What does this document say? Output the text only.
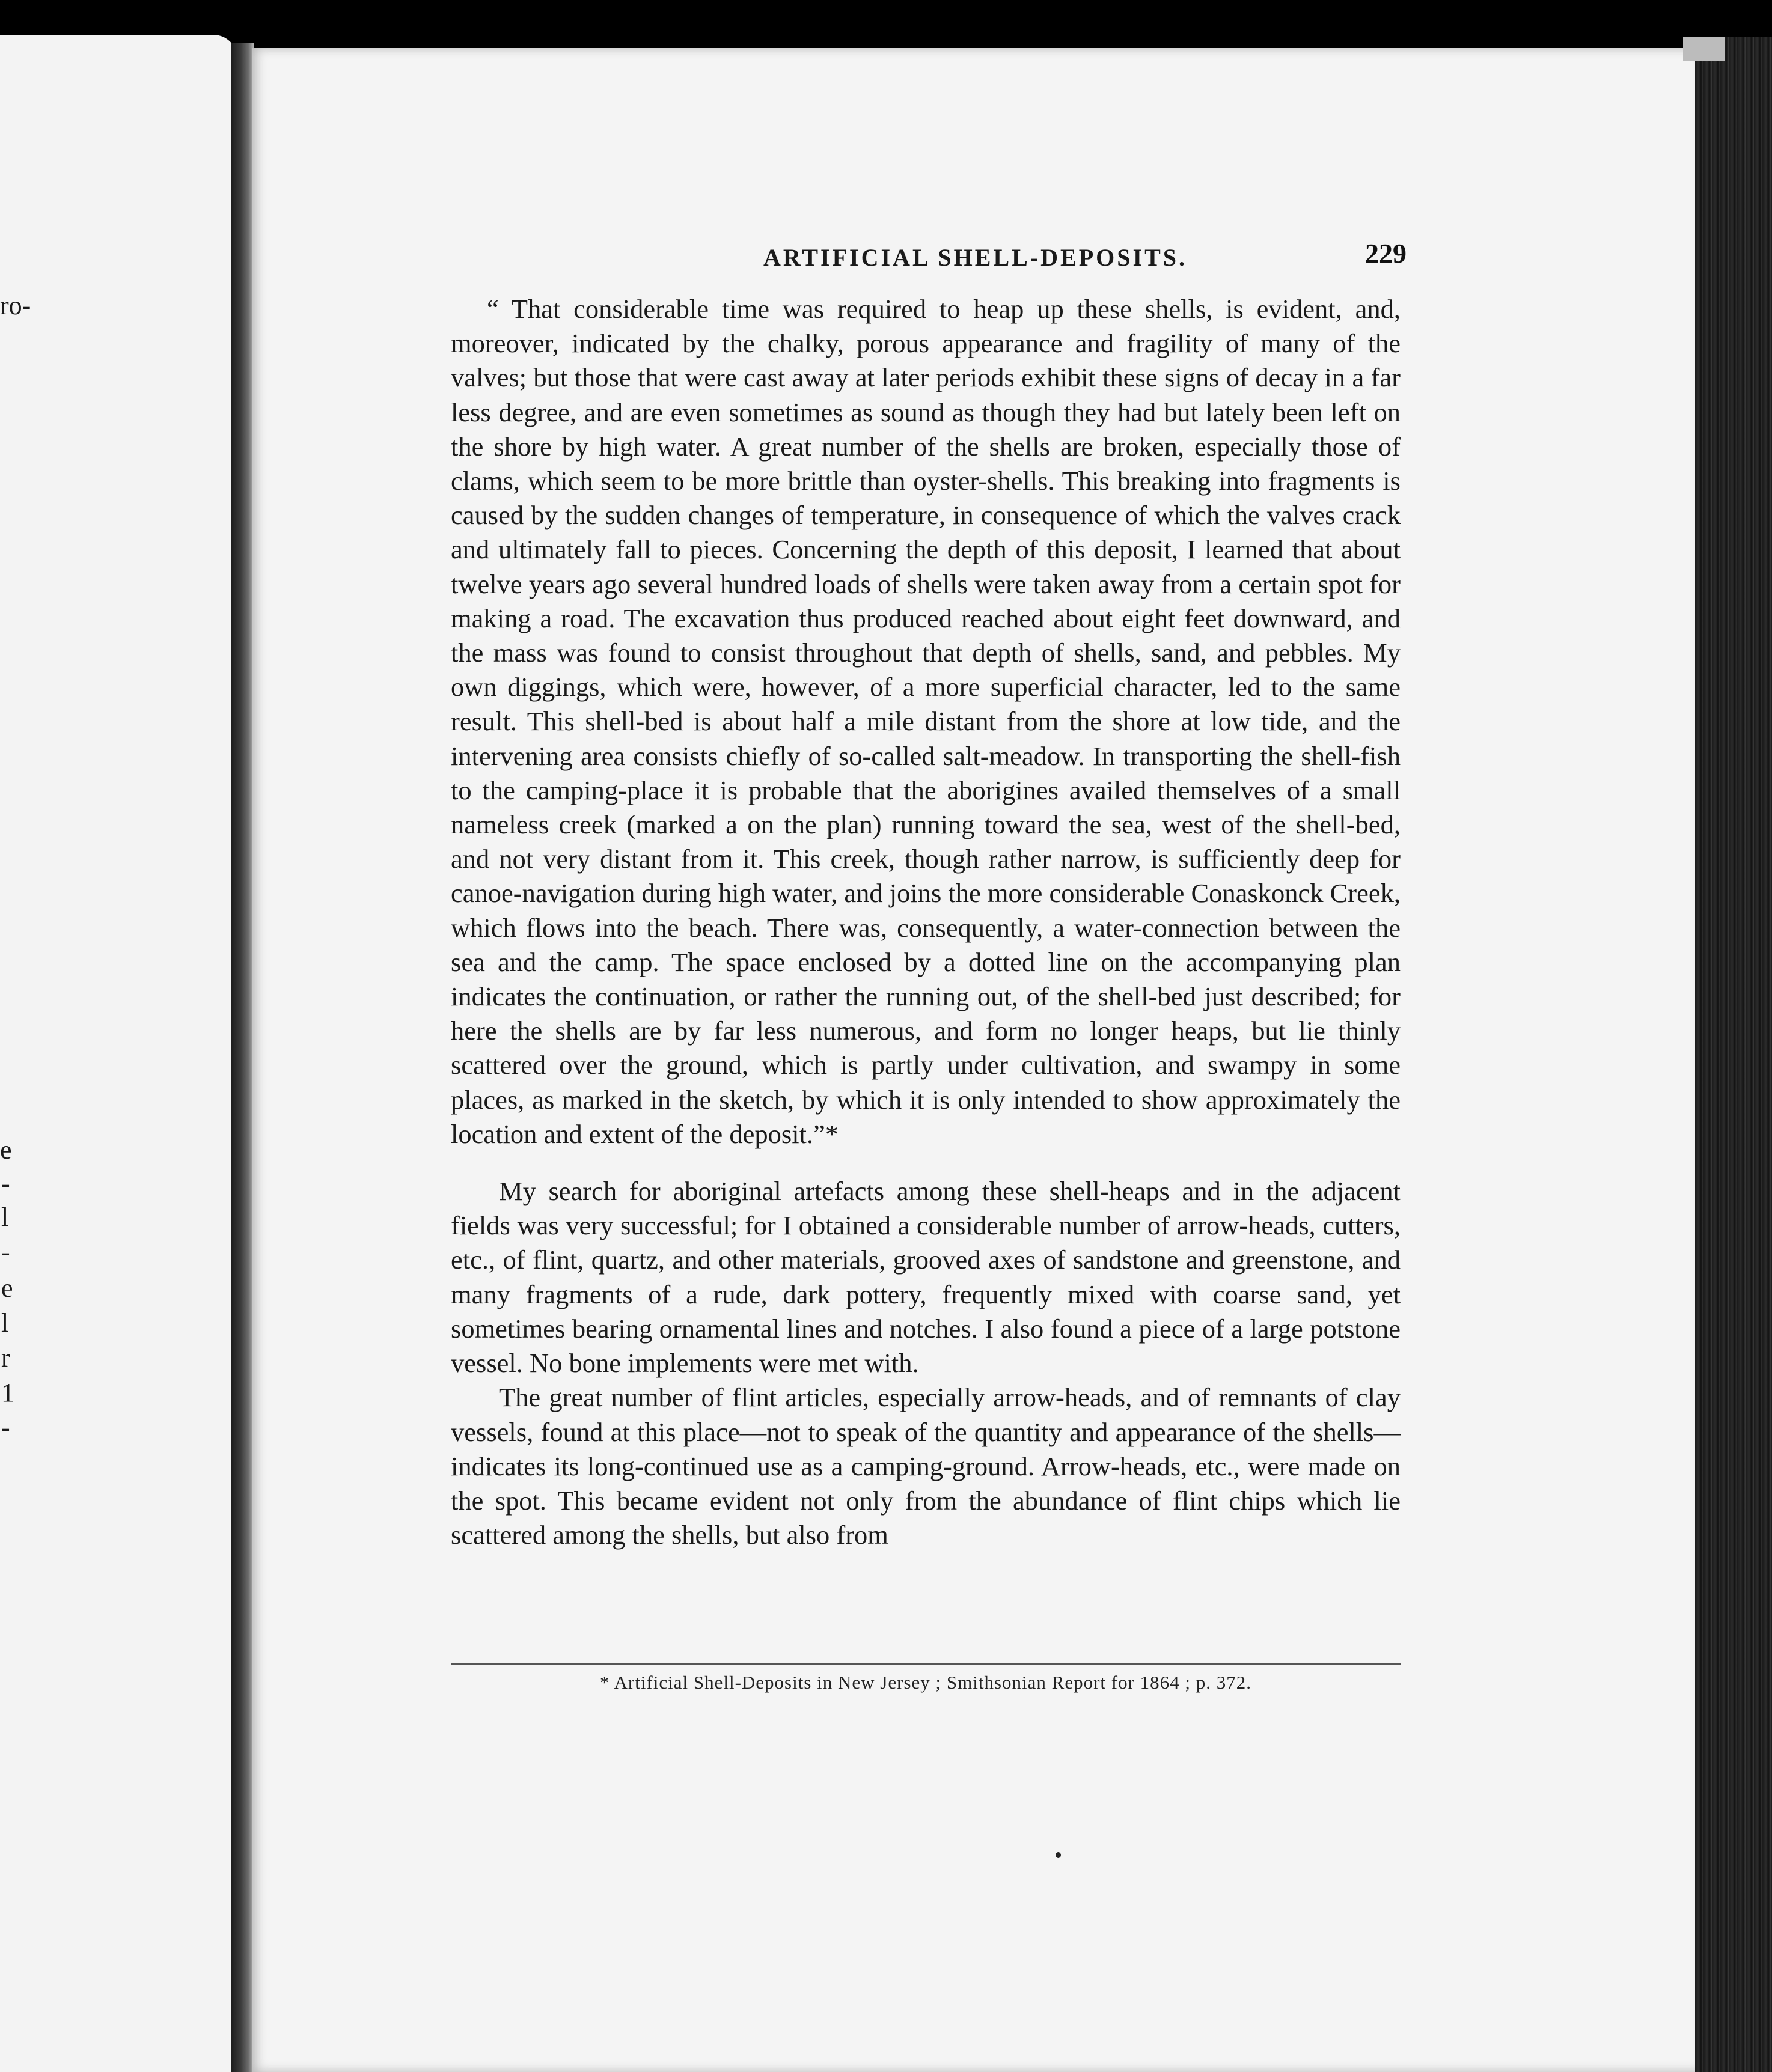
ro-
e
-
l
-
e
l
r
1
-
ARTIFICIAL SHELL-DEPOSITS.	229

“ That considerable time was required to heap up these shells, is evident, and, moreover, indicated by the chalky, porous appearance and fragility of many of the valves; but those that were cast away at later periods exhibit these signs of decay in a far less degree, and are even sometimes as sound as though they had but lately been left on the shore by high water. A great number of the shells are broken, especially those of clams, which seem to be more brittle than oyster-shells. This breaking into fragments is caused by the sudden changes of temperature, in consequence of which the valves crack and ultimately fall to pieces. Concerning the depth of this deposit, I learned that about twelve years ago several hundred loads of shells were taken away from a certain spot for making a road. The excavation thus produced reached about eight feet downward, and the mass was found to consist throughout that depth of shells, sand, and pebbles. My own diggings, which were, however, of a more superficial character, led to the same result. This shell-bed is about half a mile distant from the shore at low tide, and the intervening area consists chiefly of so-called salt-meadow. In transporting the shell-fish to the camping-place it is probable that the aborigines availed themselves of a small nameless creek (marked a on the plan) running toward the sea, west of the shell-bed, and not very distant from it. This creek, though rather narrow, is sufficiently deep for canoe-navigation during high water, and joins the more considerable Conaskonck Creek, which flows into the beach. There was, consequently, a water-connection between the sea and the camp. The space enclosed by a dotted line on the accompanying plan indicates the continuation, or rather the running out, of the shell-bed just described; for here the shells are by far less numerous, and form no longer heaps, but lie thinly scattered over the ground, which is partly under cultivation, and swampy in some places, as marked in the sketch, by which it is only intended to show approximately the location and extent of the deposit.”*

My search for aboriginal artefacts among these shell-heaps and in the adjacent fields was very successful; for I obtained a considerable number of arrow-heads, cutters, etc., of flint, quartz, and other materials, grooved axes of sandstone and greenstone, and many fragments of a rude, dark pottery, frequently mixed with coarse sand, yet sometimes bearing ornamental lines and notches. I also found a piece of a large potstone vessel. No bone implements were met with.

The great number of flint articles, especially arrow-heads, and of remnants of clay vessels, found at this place—not to speak of the quantity and appearance of the shells—indicates its long-continued use as a camping-ground. Arrow-heads, etc., were made on the spot. This became evident not only from the abundance of flint chips which lie scattered among the shells, but also from

* Artificial Shell-Deposits in New Jersey ; Smithsonian Report for 1864 ; p. 372.
